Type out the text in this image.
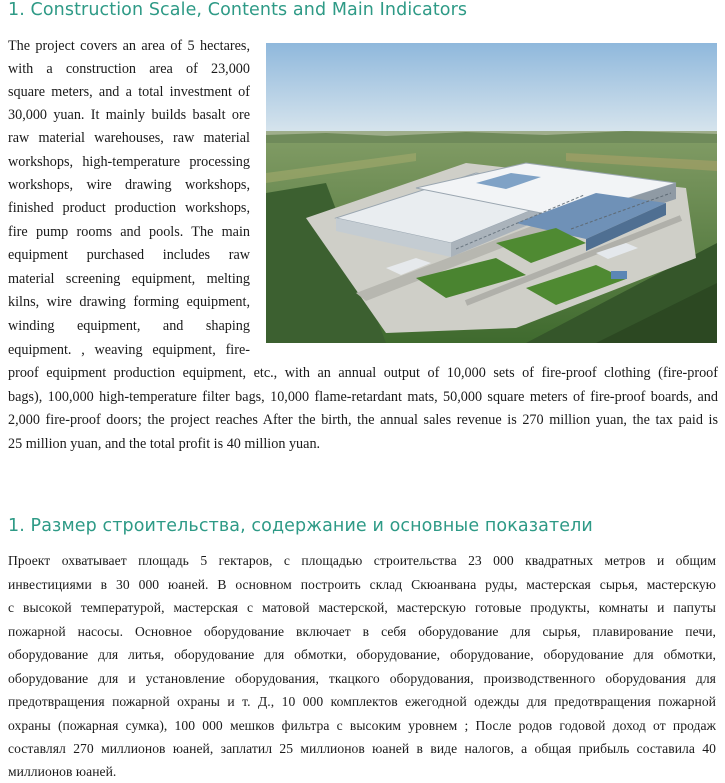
1. Construction Scale, Contents and Main Indicators
The project covers an area of 5 hectares,
with a construction area of 23,000
square meters, and a total investment of
30,000 yuan. It mainly builds basalt ore
raw material warehouses, raw material
workshops, high-temperature processing
workshops, wire drawing workshops,
finished product production workshops,
fire pump rooms and pools. The main
equipment purchased includes raw
material screening equipment, melting
kilns, wire drawing forming equipment,
winding equipment, and shaping
equipment. , weaving equipment, fire-
proof equipment production equipment, etc., with an annual output of 10,000 sets of fire-proof clothing (fire-proof
bags), 100,000 high-temperature filter bags, 10,000 flame-retardant mats, 50,000 square meters of fire-proof boards, and
2,000 fire-proof doors; the project reaches After the birth, the annual sales revenue is 270 million yuan, the tax paid is
25 million yuan, and the total profit is 40 million yuan.
1. Размер строительства, содержание и основные показатели
Проект охватывает площадь 5 гектаров, с площадью строительства 23 000 квадратных метров и общим
инвестициями в 30 000 юаней. В основном построить склад Скюанвана руды, мастерская сырья, мастерскую
с высокой температурой, мастерская с матовой мастерской, мастерскую готовые продукты, комнаты и папуты
пожарной насосы. Основное оборудование включает в себя оборудование для сырья, плавирование печи,
оборудование для литья, оборудование для обмотки, оборудование, оборудование, оборудование для обмотки,
оборудование для и установление оборудования, ткацкого оборудования, производственного оборудования для
предотвращения пожарной охраны и т. Д., 10 000 комплектов ежегодной одежды для предотвращения пожарной
охраны (пожарная сумка), 100 000 мешков фильтра с высоким уровнем ; После родов годовой доход от продаж
составлял 270 миллионов юаней, заплатил 25 миллионов юаней в виде налогов, а общая прибыль составила 40
миллионов юаней.
